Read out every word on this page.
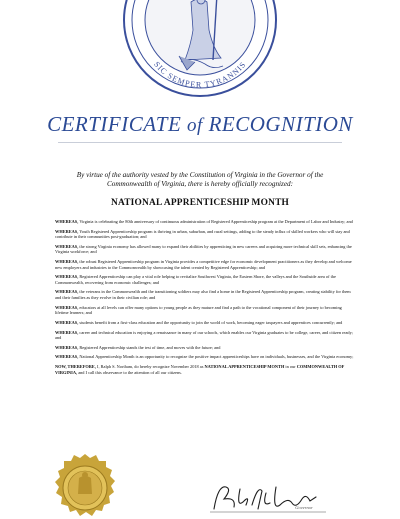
SIC SEMPER TYRANNIS
CERTIFICATE of RECOGNITION
By virtue of the authority vested by the Constitution of Virginia in the Governor of the Commonwealth of Virginia, there is hereby officially recognized:
NATIONAL APPRENTICESHIP MONTH
WHEREAS, Virginia is celebrating the 80th anniversary of continuous administration of Registered Apprenticeship program at the Department of Labor and Industry; and
WHEREAS, Youth Registered Apprenticeship program is thriving in urban, suburban, and rural settings, adding to the steady influx of skilled workers who will stay and contribute in their communities post-graduation; and
WHEREAS, the strong Virginia economy has allowed many to expand their abilities by apprenticing in new careers and acquiring more technical skill sets, enhancing the Virginia workforce; and
WHEREAS, the robust Registered Apprenticeship program in Virginia provides a competitive edge for economic development practitioners as they develop and welcome new employers and industries to the Commonwealth by showcasing the talent created by Registered Apprenticeship; and
WHEREAS, Registered Apprenticeship can play a vital role helping to revitalize Southwest Virginia, the Eastern Shore, the valleys and the Southside area of the Commonwealth, recovering from economic challenges; and
WHEREAS, the veterans in the Commonwealth and the transitioning soldiers may also find a home in the Registered Apprenticeship program, creating stability for them and their families as they evolve in their civilian role; and
WHEREAS, educators at all levels can offer many options to young people as they mature and find a path to the vocational component of their journey to becoming lifetime learners; and
WHEREAS, students benefit from a first-class education and the opportunity to join the world of work, becoming eager taxpayers and apprentices concurrently; and
WHEREAS, career and technical education is enjoying a renaissance in many of our schools, which enables our Virginia graduates to be college, career, and citizen ready; and
WHEREAS, Registered Apprenticeship stands the test of time, and moves with the future; and
WHEREAS, National Apprenticeship Month is an opportunity to recognize the positive impact apprenticeships have on individuals, businesses, and the Virginia economy;
NOW, THEREFORE, I, Ralph S. Northam, do hereby recognize November 2018 as NATIONAL APPRENTICESHIP MONTH in our COMMONWEALTH OF VIRGINIA, and I call this observance to the attention of all our citizens.
Governor
